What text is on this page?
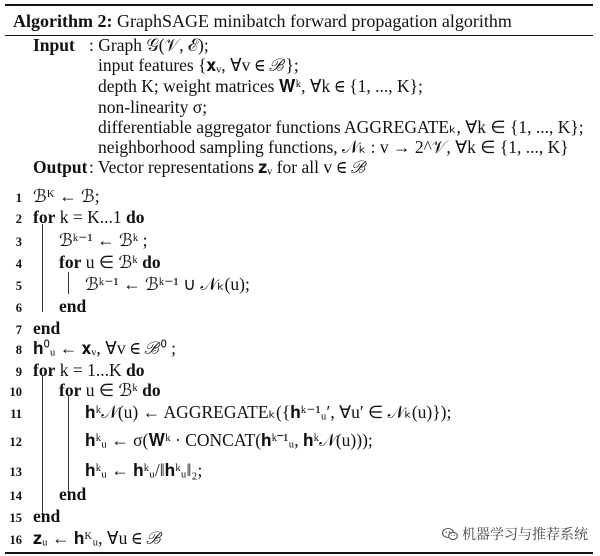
Algorithm 2: GraphSAGE minibatch forward propagation algorithm
Input : Graph 𝒢(𝒱, ℰ);
input features {𝐱ᵥ, ∀v ∈ ℬ};
depth K; weight matrices 𝐖ᵏ, ∀k ∈ {1, ..., K};
non-linearity σ;
differentiable aggregator functions AGGREGATEₖ, ∀k ∈ {1, ..., K};
neighborhood sampling functions, 𝒩ₖ : v → 2^𝒱, ∀k ∈ {1, ..., K}
Output : Vector representations 𝐳ᵥ for all v ∈ ℬ
1 ℬᴷ ← ℬ;
2 for k = K...1 do
3 ℬᵏ⁻¹ ← ℬᵏ ;
4 for u ∈ ℬᵏ do
5	ℬᵏ⁻¹ ← ℬᵏ⁻¹ ∪ 𝒩ₖ(u);
6 end
7 end
8 𝐡⁰ᵤ ← 𝐱ᵥ, ∀v ∈ ℬ⁰ ;
9 for k = 1...K do
10 for u ∈ ℬᵏ do
11	𝐡ᵏ𝒩(u) ← AGGREGATEₖ({𝐡ᵏ⁻¹ᵤ′, ∀u′ ∈ 𝒩ₖ(u)});
12	𝐡ᵏᵤ ← σ(𝐖ᵏ · CONCAT(𝐡ᵏ⁻¹ᵤ, 𝐡ᵏ𝒩(u)));
13	𝐡ᵏᵤ ← 𝐡ᵏᵤ/‖𝐡ᵏᵤ‖₂;
14 end
15 end
16 𝐳ᵤ ← 𝐡ᴷᵤ, ∀u ∈ ℬ	机器学习与推荐系统
